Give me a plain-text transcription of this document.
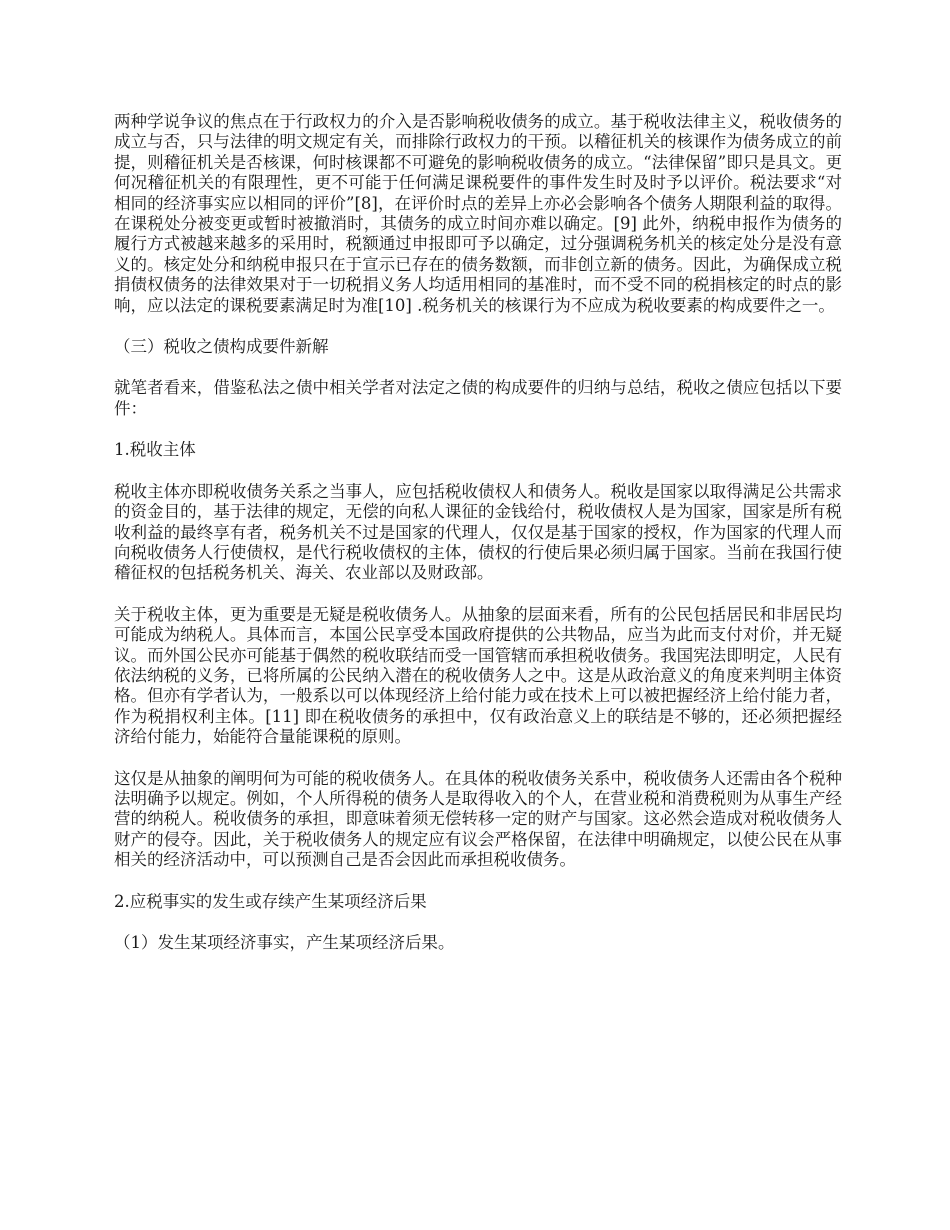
两种学说争议的焦点在于行政权力的介入是否影响税收债务的成立。基于税收法律主义，税收债务的成立与否，只与法律的明文规定有关，而排除行政权力的干预。以稽征机关的核课作为债务成立的前提，则稽征机关是否核课，何时核课都不可避免的影响税收债务的成立。“法律保留”即只是具文。更何况稽征机关的有限理性，更不可能于任何满足课税要件的事件发生时及时予以评价。税法要求“对相同的经济事实应以相同的评价”[8]，在评价时点的差异上亦必会影响各个债务人期限利益的取得。在课税处分被变更或暂时被撤消时，其债务的成立时间亦难以确定。[9] 此外，纳税申报作为债务的履行方式被越来越多的采用时，税额通过申报即可予以确定，过分强调税务机关的核定处分是没有意义的。核定处分和纳税申报只在于宣示已存在的债务数额，而非创立新的债务。因此，为确保成立税捐债权债务的法律效果对于一切税捐义务人均适用相同的基准时，而不受不同的税捐核定的时点的影响，应以法定的课税要素满足时为准[10] .税务机关的核课行为不应成为税收要素的构成要件之一。

（三）税收之债构成要件新解

就笔者看来，借鉴私法之债中相关学者对法定之债的构成要件的归纳与总结，税收之债应包括以下要件：

1.税收主体

税收主体亦即税收债务关系之当事人，应包括税收债权人和债务人。税收是国家以取得满足公共需求的资金目的，基于法律的规定，无偿的向私人课征的金钱给付，税收债权人是为国家，国家是所有税收利益的最终享有者，税务机关不过是国家的代理人，仅仅是基于国家的授权，作为国家的代理人而向税收债务人行使债权，是代行税收债权的主体，债权的行使后果必须归属于国家。当前在我国行使稽征权的包括税务机关、海关、农业部以及财政部。

关于税收主体，更为重要是无疑是税收债务人。从抽象的层面来看，所有的公民包括居民和非居民均可能成为纳税人。具体而言，本国公民享受本国政府提供的公共物品，应当为此而支付对价，并无疑议。而外国公民亦可能基于偶然的税收联结而受一国管辖而承担税收债务。我国宪法即明定，人民有依法纳税的义务，已将所属的公民纳入潜在的税收债务人之中。这是从政治意义的角度来判明主体资格。但亦有学者认为，一般系以可以体现经济上给付能力或在技术上可以被把握经济上给付能力者，作为税捐权利主体。[11] 即在税收债务的承担中，仅有政治意义上的联结是不够的，还必须把握经济给付能力，始能符合量能课税的原则。

这仅是从抽象的阐明何为可能的税收债务人。在具体的税收债务关系中，税收债务人还需由各个税种法明确予以规定。例如，个人所得税的债务人是取得收入的个人，在营业税和消费税则为从事生产经营的纳税人。税收债务的承担，即意味着须无偿转移一定的财产与国家。这必然会造成对税收债务人财产的侵夺。因此，关于税收债务人的规定应有议会严格保留，在法律中明确规定，以使公民在从事相关的经济活动中，可以预测自己是否会因此而承担税收债务。

2.应税事实的发生或存续产生某项经济后果

（1）发生某项经济事实，产生某项经济后果。
